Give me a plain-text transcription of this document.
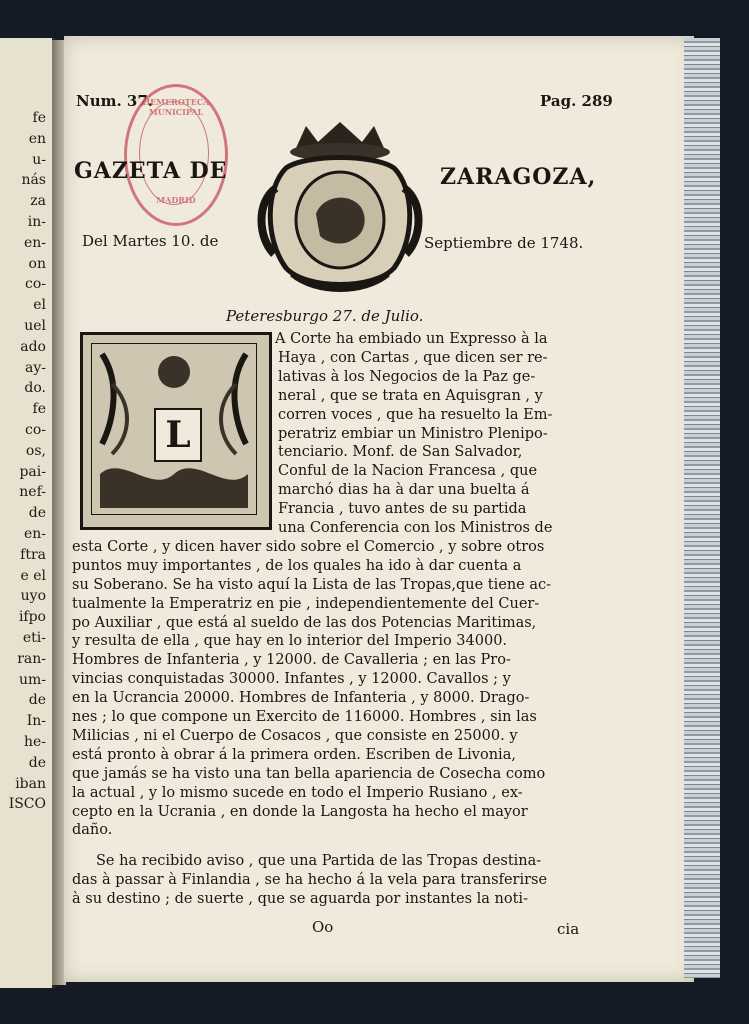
fe
en
u-
nás
za
in-
en-
on
co-
el
uel
ado
ay-
do.
fe
co-
os,
pai-
nef-
de
en-
ftra
e el
uyo
ifpo
eti-
ran-
um-
de
In-
he-
de
iban
ISCO
Num. 37.	Pag. 289
HEMEROTECA MUNICIPAL
MADRID
GAZETA DE	ZARAGOZA,
Del Martes 10. de	Septiembre de 1748.
Peteresburgo 27. de Julio.
L
A Corte ha embiado un Expresso à la
Haya , con Cartas , que dicen ser re-
lativas à los Negocios de la Paz ge-
neral , que se trata en Aquisgran , y
corren voces , que ha resuelto la Em-
peratriz embiar un Ministro Plenipo-
tenciario. Monf. de San Salvador,
Conful de la Nacion Francesa , que
marchó dias ha à dar una buelta á
Francia , tuvo antes de su partida
una Conferencia con los Ministros de
esta Corte , y dicen haver sido sobre el Comercio , y sobre otros
puntos muy importantes , de los quales ha ido à dar cuenta a
su Soberano. Se ha visto aquí la Lista de las Tropas,que tiene ac-
tualmente la Emperatriz en pie , independientemente del Cuer-
po Auxiliar , que está al sueldo de las dos Potencias Maritimas,
y resulta de ella , que hay en lo interior del Imperio 34000.
Hombres de Infanteria , y 12000. de Cavalleria ; en las Pro-
vincias conquistadas 30000. Infantes , y 12000. Cavallos ; y
en la Ucrancia 20000. Hombres de Infanteria , y 8000. Drago-
nes ; lo que compone un Exercito de 116000. Hombres , sin las
Milicias , ni el Cuerpo de Cosacos , que consiste en 25000. y
está pronto à obrar á la primera orden. Escriben de Livonia,
que jamás se ha visto una tan bella apariencia de Cosecha como
la actual , y lo mismo sucede en todo el Imperio Rusiano , ex-
cepto en la Ucrania , en donde la Langosta ha hecho el mayor
daño.
Se ha recibido aviso , que una Partida de las Tropas destina-
das à passar à Finlandia , se ha hecho á la vela para transferirse
à su destino ; de suerte , que se aguarda por instantes la noti-
Oo	cia
